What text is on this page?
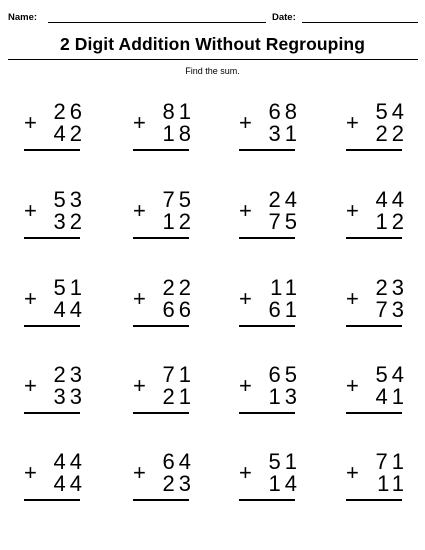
Name:	Date:
2 Digit Addition Without Regrouping
Find the sum.
+ 26
42 + 81
18 + 68
31 + 54
22
+ 53
32 + 75
12 + 24
75 + 44
12
+ 51
44 + 22
66 + 11
61 + 23
73
+ 23
33 + 71
21 + 65
13 + 54
41
+ 44
44 + 64
23 + 51
14 + 71
11
